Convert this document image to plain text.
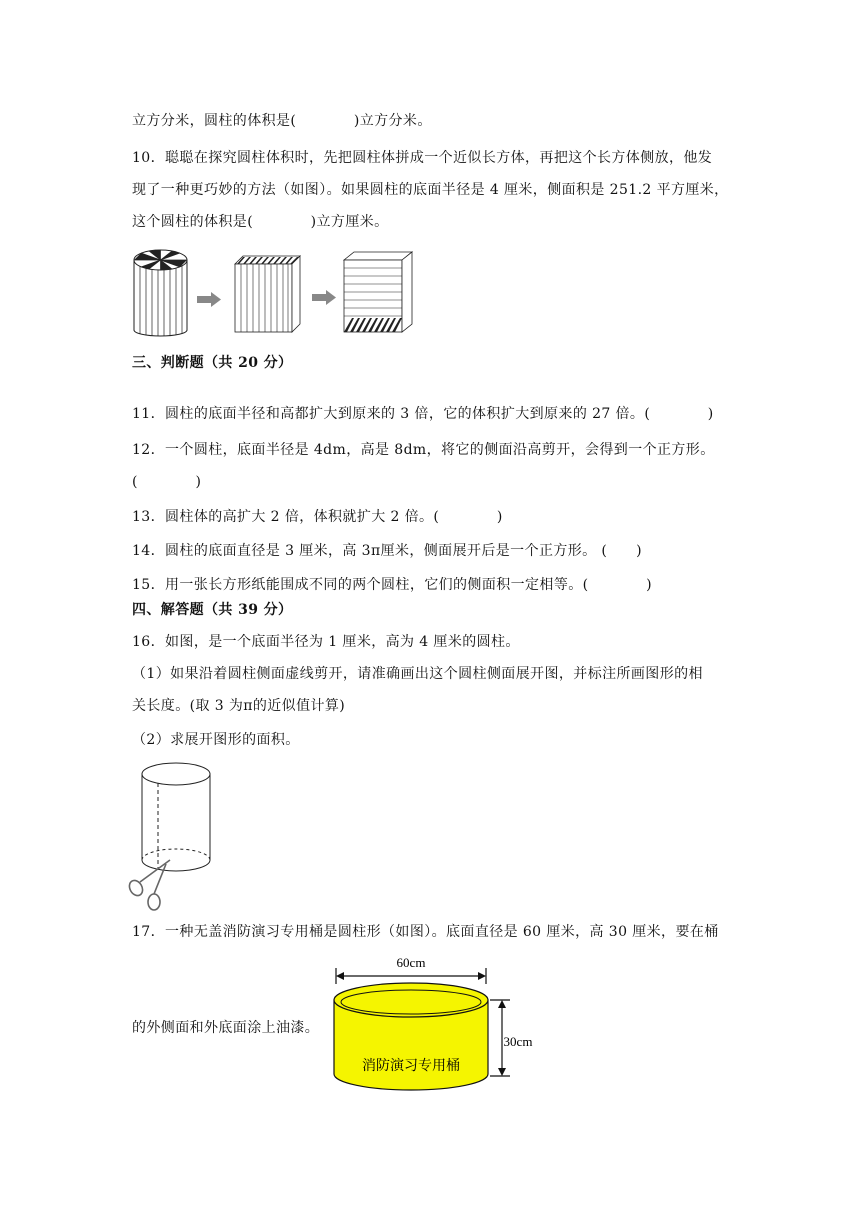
立方分米，圆柱的体积是(　　　　)立方分米。
10．聪聪在探究圆柱体积时，先把圆柱体拼成一个近似长方体，再把这个长方体侧放，他发
现了一种更巧妙的方法（如图）。如果圆柱的底面半径是 4 厘米，侧面积是 251.2 平方厘米，
这个圆柱的体积是(　　　　)立方厘米。
三、判断题（共 20 分）
11．圆柱的底面半径和高都扩大到原来的 3 倍，它的体积扩大到原来的 27 倍。(　　　　)
12．一个圆柱，底面半径是 4dm，高是 8dm，将它的侧面沿高剪开，会得到一个正方形。
(　　　　)
13．圆柱体的高扩大 2 倍，体积就扩大 2 倍。(　　　　)
14．圆柱的底面直径是 3 厘米，高 3π厘米，侧面展开后是一个正方形。 (　　)
15．用一张长方形纸能围成不同的两个圆柱，它们的侧面积一定相等。(　　　　)
四、解答题（共 39 分）
16．如图，是一个底面半径为 1 厘米，高为 4 厘米的圆柱。
（1）如果沿着圆柱侧面虚线剪开，请准确画出这个圆柱侧面展开图，并标注所画图形的相
关长度。(取 3 为π的近似值计算)
（2）求展开图形的面积。
17．一种无盖消防演习专用桶是圆柱形（如图）。底面直径是 60 厘米，高 30 厘米，要在桶
的外侧面和外底面涂上油漆。
60cm
消防演习专用桶
30cm
